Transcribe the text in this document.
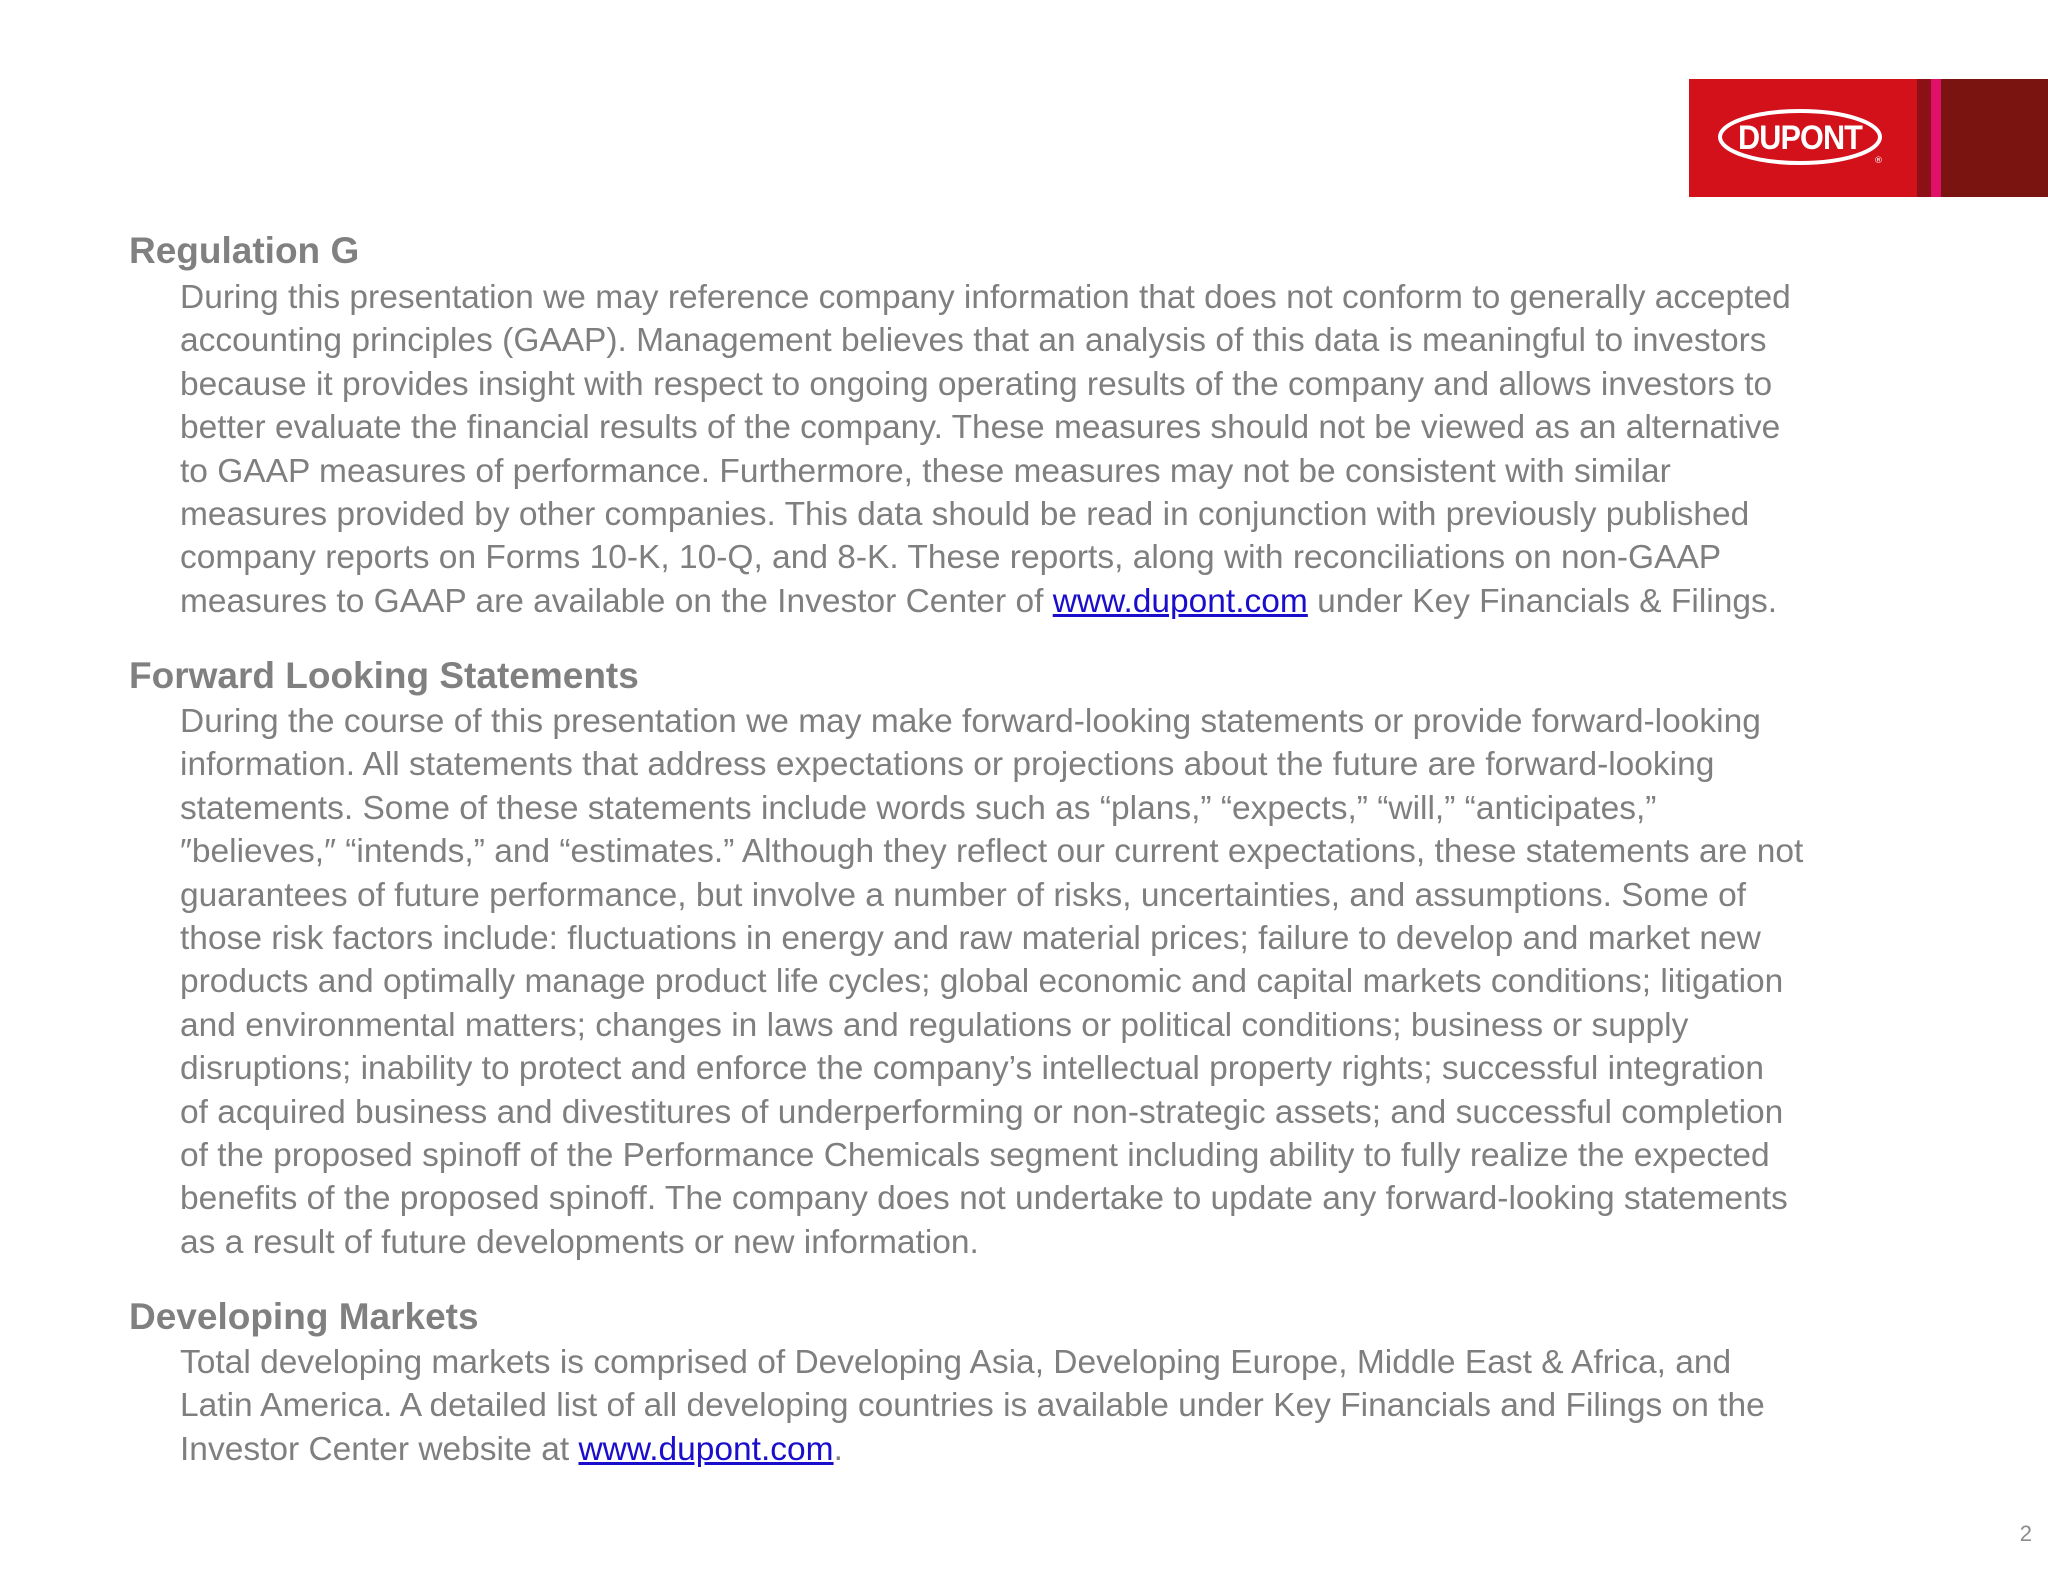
DUPONT
®
Regulation G
During this presentation we may reference company information that does not conform to generally accepted
accounting principles (GAAP). Management believes that an analysis of this data is meaningful to investors
because it provides insight with respect to ongoing operating results of the company and allows investors to
better evaluate the financial results of the company. These measures should not be viewed as an alternative
to GAAP measures of performance. Furthermore, these measures may not be consistent with similar
measures provided by other companies. This data should be read in conjunction with previously published
company reports on Forms 10-K, 10-Q, and 8-K. These reports, along with reconciliations on non-GAAP
measures to GAAP are available on the Investor Center of www.dupont.com under Key Financials & Filings.
Forward Looking Statements
During the course of this presentation we may make forward-looking statements or provide forward-looking
information. All statements that address expectations or projections about the future are forward-looking
statements. Some of these statements include words such as “plans,” “expects,” “will,” “anticipates,”
″believes,″ “intends,” and “estimates.” Although they reflect our current expectations, these statements are not
guarantees of future performance, but involve a number of risks, uncertainties, and assumptions. Some of
those risk factors include: fluctuations in energy and raw material prices; failure to develop and market new
products and optimally manage product life cycles; global economic and capital markets conditions; litigation
and environmental matters; changes in laws and regulations or political conditions; business or supply
disruptions; inability to protect and enforce the company’s intellectual property rights; successful integration
of acquired business and divestitures of underperforming or non-strategic assets; and successful completion
of the proposed spinoff of the Performance Chemicals segment including ability to fully realize the expected
benefits of the proposed spinoff. The company does not undertake to update any forward-looking statements
as a result of future developments or new information.
Developing Markets
Total developing markets is comprised of Developing Asia, Developing Europe, Middle East & Africa, and
Latin America. A detailed list of all developing countries is available under Key Financials and Filings on the
Investor Center website at www.dupont.com.
2
